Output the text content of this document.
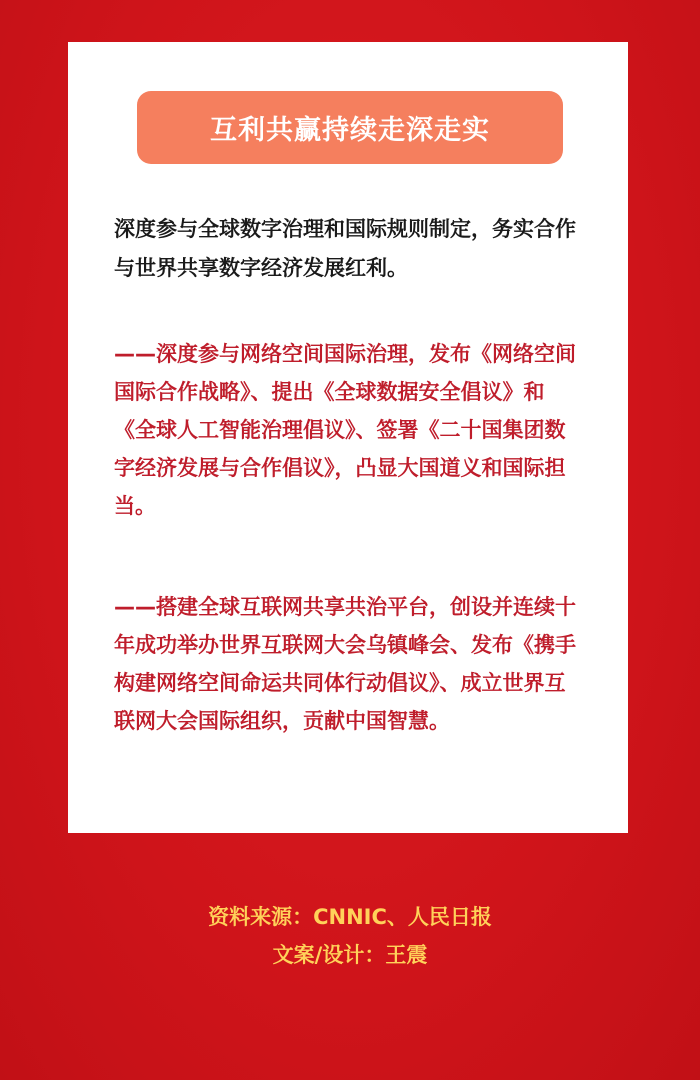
互利共赢持续走深走实

深度参与全球数字治理和国际规则制定，务实合作与世界共享数字经济发展红利。

——深度参与网络空间国际治理，发布《网络空间国际合作战略》、提出《全球数据安全倡议》和《全球人工智能治理倡议》、签署《二十国集团数字经济发展与合作倡议》，凸显大国道义和国际担当。

——搭建全球互联网共享共治平台，创设并连续十年成功举办世界互联网大会乌镇峰会、发布《携手构建网络空间命运共同体行动倡议》、成立世界互联网大会国际组织，贡献中国智慧。

资料来源：CNNIC、人民日报
文案/设计：王震
